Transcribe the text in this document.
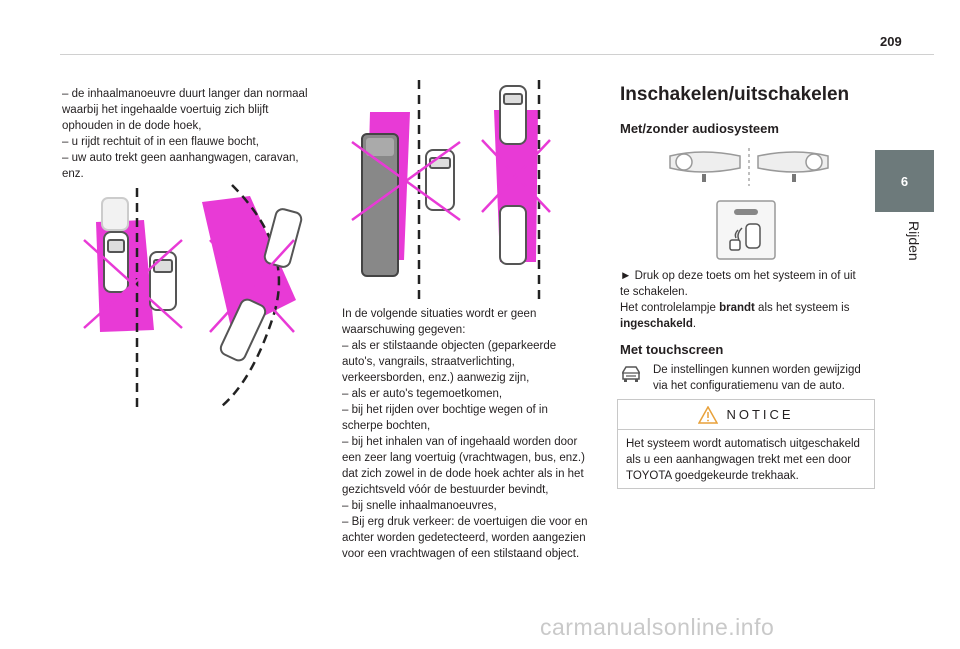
209
6
Rijden

– de inhaalmanoeuvre duurt langer dan normaal

waarbij het ingehaalde voertuig zich blijft

ophouden in de dode hoek,

– u rijdt rechtuit of in een flauwe bocht,

– uw auto trekt geen aanhangwagen, caravan,

enz.

In de volgende situaties wordt er geen

waarschuwing gegeven:

– als er stilstaande objecten (geparkeerde

auto's, vangrails, straatverlichting,

verkeersborden, enz.) aanwezig zijn,

– als er auto's tegemoetkomen,

– bij het rijden over bochtige wegen of in

scherpe bochten,

– bij het inhalen van of ingehaald worden door

een zeer lang voertuig (vrachtwagen, bus, enz.)

dat zich zowel in de dode hoek achter als in het

gezichtsveld vóór de bestuurder bevindt,

– bij snelle inhaalmanoeuvres,

– Bij erg druk verkeer: de voertuigen die voor en

achter worden gedetecteerd, worden aangezien

voor een vrachtwagen of een stilstaand object.

Inschakelen/uitschakelen
Met/zonder audiosysteem

► Druk op deze toets om het systeem in of uit

te schakelen.

Het controlelampje brandt als het systeem is

ingeschakeld.

Met touchscreen

De instellingen kunnen worden gewijzigd

via het configuratiemenu van de auto.

NOTICE

Het systeem wordt automatisch uitgeschakeld

als u een aanhangwagen trekt met een door

TOYOTA goedgekeurde trekhaak.

carmanualsonline.info
